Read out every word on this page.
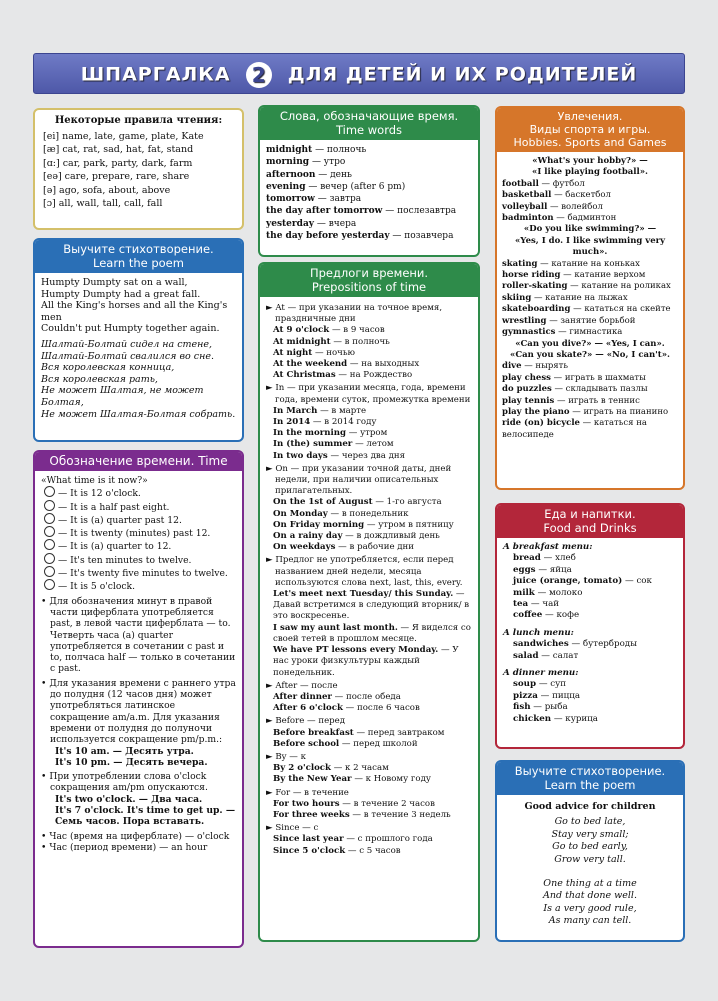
ШПАРГАЛКА 2 ДЛЯ ДЕТЕЙ И ИХ РОДИТЕЛЕЙ

Некоторые правила чтения:

[ei] name, late, game, plate, Kate

[æ] cat, rat, sad, hat, fat, stand

[ɑ:] car, park, party, dark, farm

[eə] care, prepare, rare, share

[ə] ago, sofa, about, above

[ɔ] all, wall, tall, call, fall

Выучите стихотворение.
Learn the poem

Humpty Dumpty sat on a wall,

Humpty Dumpty had a great fall.

All the King's horses and all the King's men

Couldn't put Humpty together again.

Шалтай-Болтай сидел на стене,

Шалтай-Болтай свалился во сне.

Вся королевская конница,

Вся королевская рать,

Не может Шалтая, не может Болтая,

Не может Шалтая-Болтая собрать.

Обозначение времени. Time

«What time is it now?»

— It is 12 o'clock.

— It is a half past eight.

— It is (a) quarter past 12.

— It is twenty (minutes) past 12.

— It is (a) quarter to 12.

— It's ten minutes to twelve.

— It's twenty five minutes to twelve.

— It is 5 o'clock.

• Для обозначения минут в правой части циферблата употребляется past, в левой части циферблата — to. Четверть часа (a) quarter употребляется в сочетании с past и to, полчаса half — только в сочетании с past.

• Для указания времени с раннего утра до полудня (12 часов дня) может употребляться латинское сокращение am/a.m. Для указания времени от полудня до полуночи используется сокращение pm/p.m.:

It's 10 am. — Десять утра.

It's 10 pm. — Десять вечера.

• При употреблении слова o'clock сокращения am/pm опускаются.

It's two o'clock. — Два часа.

It's 7 o'clock. It's time to get up. — Семь часов. Пора вставать.

• Час (время на циферблате) — o'clock

• Час (период времени) — an hour

Слова, обозначающие время.
Time words

midnight — полночь

morning — утро

afternoon — день

evening — вечер (after 6 pm)

tomorrow — завтра

the day after tomorrow — послезавтра

yesterday — вчера

the day before yesterday — позавчера

Предлоги времени.
Prepositions of time

► At — при указании на точное время, праздничные дни

At 9 o'clock — в 9 часов

At midnight — в полночь

At night — ночью

At the weekend — на выходных

At Christmas — на Рождество

► In — при указании месяца, года, времени года, времени суток, промежутка времени

In March — в марте

In 2014 — в 2014 году

In the morning — утром

In (the) summer — летом

In two days — через два дня

► On — при указании точной даты, дней недели, при наличии описательных прилагательных.

On the 1st of August — 1-го августа

On Monday — в понедельник

On Friday morning — утром в пятницу

On a rainy day — в дождливый день

On weekdays — в рабочие дни

► Предлог не употребляется, если перед названием дней недели, месяца используются слова next, last, this, every.

Let's meet next Tuesday/ this Sunday. — Давай встретимся в следующий вторник/ в это воскресенье.

I saw my aunt last month. — Я виделся со своей тетей в прошлом месяце.

We have PT lessons every Monday. — У нас уроки физкультуры каждый понедельник.

► After — после

After dinner — после обеда

After 6 o'clock — после 6 часов

► Before — перед

Before breakfast — перед завтраком

Before school — перед школой

► By — к

By 2 o'clock — к 2 часам

By the New Year — к Новому году

► For — в течение

For two hours — в течение 2 часов

For three weeks — в течение 3 недель

► Since — с

Since last year — с прошлого года

Since 5 o'clock — с 5 часов

Увлечения.
Виды спорта и игры.
Hobbies. Sports and Games

«What's your hobby?» —

«I like playing football».

football — футбол

basketball — баскетбол

volleyball — волейбол

badminton — бадминтон

«Do you like swimming?» —

«Yes, I do. I like swimming very much».

skating — катание на коньках

horse riding — катание верхом

roller-skating — катание на роликах

skiing — катание на лыжах

skateboarding — кататься на скейте

wrestling — занятие борьбой

gymnastics — гимнастика

«Can you dive?» — «Yes, I can».

«Can you skate?» — «No, I can't».

dive — нырять

play chess — играть в шахматы

do puzzles — складывать пазлы

play tennis — играть в теннис

play the piano — играть на пианино

ride (on) bicycle — кататься на велосипеде

Еда и напитки.
Food and Drinks

A breakfast menu:

bread — хлеб

eggs — яйца

juice (orange, tomato) — сок

milk — молоко

tea — чай

coffee — кофе

A lunch menu:

sandwiches — бутерброды

salad — салат

A dinner menu:

soup — суп

pizza — пицца

fish — рыба

chicken — курица

Выучите стихотворение.
Learn the poem

Good advice for children

Go to bed late,

Stay very small;

Go to bed early,

Grow very tall.

One thing at a time

And that done well.

Is a very good rule,

As many can tell.
